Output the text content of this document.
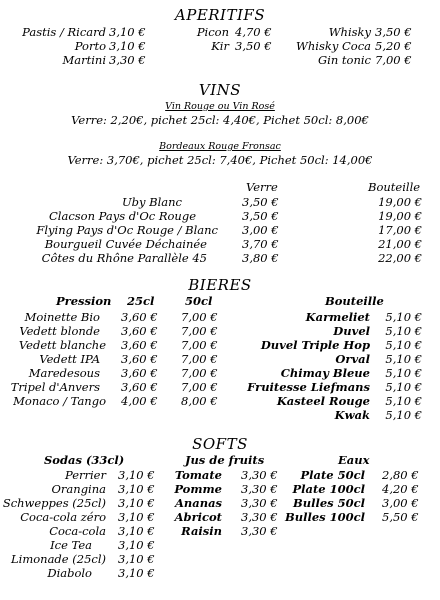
APERITIFS
Pastis / Ricard 3,10 €
Porto 3,10 €
Martini 3,30 €
Picon 4,70 €
Kir 3,50 €
Whisky 3,50 €
Whisky Coca 5,20 €
Gin tonic 7,00 €
VINS
Vin Rouge ou Vin Rosé
Verre: 2,20€, pichet 25cl: 4,40€, Pichet 50cl: 8,00€
Bordeaux Rouge Fronsac
Verre: 3,70€, pichet 25cl: 7,40€, Pichet 50cl: 14,00€
Verre	Bouteille
Uby Blanc	3,50 €	19,00 €
Clacson Pays d'Oc Rouge	3,50 €	19,00 €
Flying Pays d'Oc Rouge / Blanc 3,00 €	17,00 €
Bourgueil Cuvée Déchainée	3,70 €	21,00 €
Côtes du Rhône Parallèle 45	3,80 €	22,00 €
BIERES
Pression 25cl	50cl	Bouteille
Moinette Bio 3,60 € 7,00 €
Vedett blonde 3,60 € 7,00 €
Vedett blanche 3,60 € 7,00 €
Vedett IPA 3,60 € 7,00 €
Maredesous 3,60 € 7,00 €
Tripel d'Anvers 3,60 € 7,00 €
Monaco / Tango 4,00 € 8,00 €
Karmeliet 5,10 €
Duvel 5,10 €
Duvel Triple Hop 5,10 €
Orval 5,10 €
Chimay Bleue 5,10 €
Fruitesse Liefmans 5,10 €
Kasteel Rouge 5,10 €
Kwak 5,10 €
SOFTS
Sodas (33cl)	Jus de fruits	Eaux
Perrier 3,10 €
Orangina 3,10 €
Schweppes (25cl) 3,10 €
Coca-cola zéro 3,10 €
Coca-cola 3,10 €
Ice Tea 3,10 €
Limonade (25cl) 3,10 €
Diabolo 3,10 €
Tomate 3,30 €
Pomme 3,30 €
Ananas 3,30 €
Abricot 3,30 €
Raisin 3,30 €
Plate 50cl 2,80 €
Plate 100cl 4,20 €
Bulles 50cl 3,00 €
Bulles 100cl 5,50 €
